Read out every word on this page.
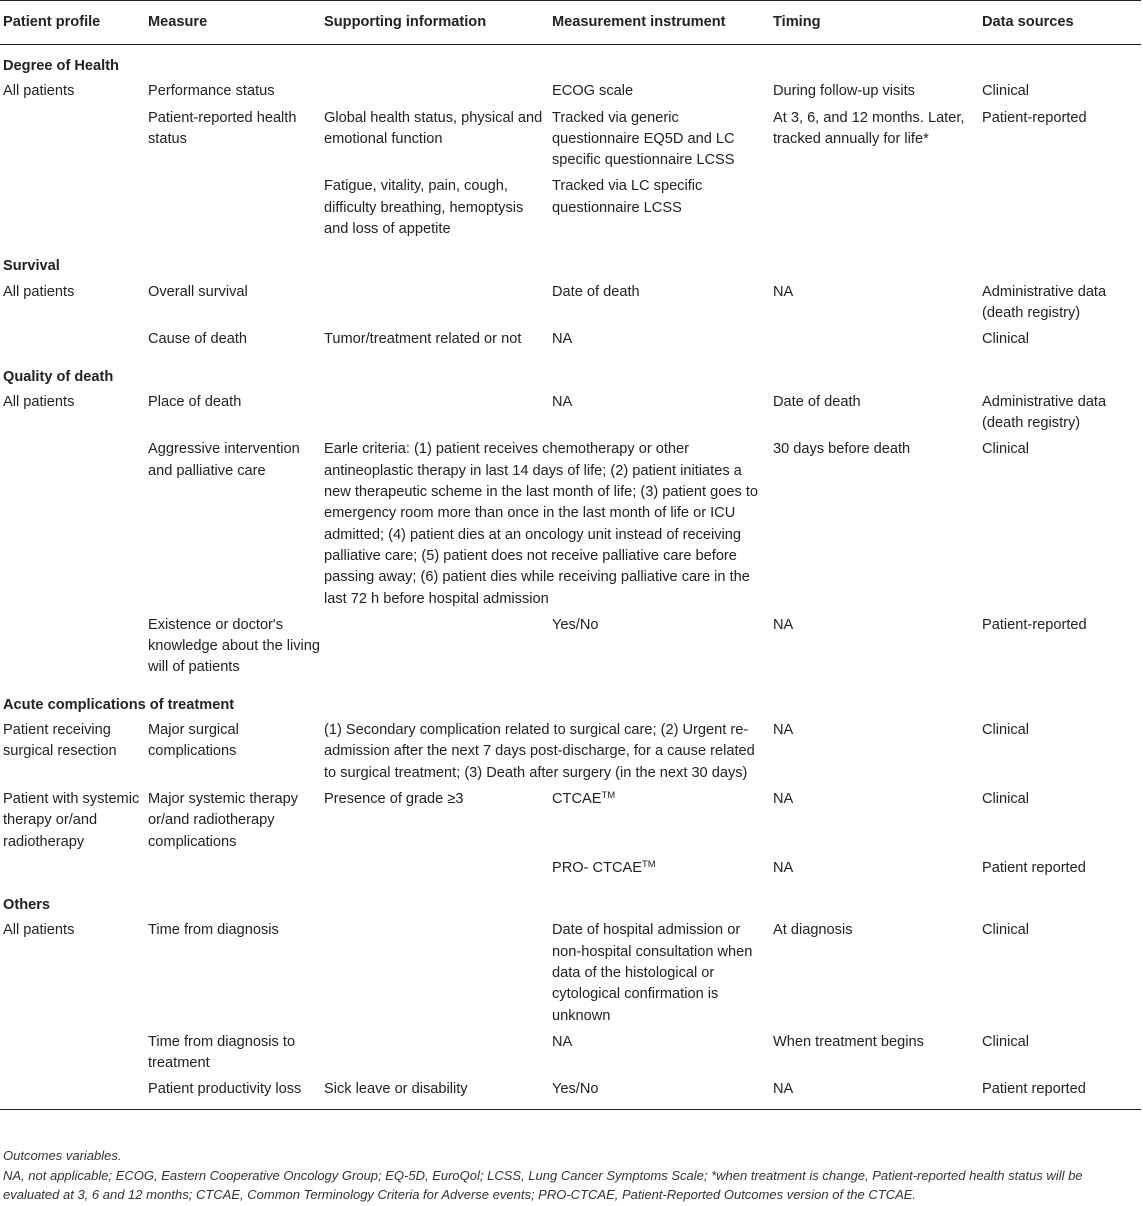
Patient profile	Measure	Supporting information	Measurement instrument	Timing	Data sources
Degree of Health					
All patients	Performance status		ECOG scale	During follow-up visits	Clinical
	Patient-reported health status	Global health status, physical and emotional function	Tracked via generic questionnaire EQ5D and LC specific questionnaire LCSS	At 3, 6, and 12 months. Later, tracked annually for life*	Patient-reported
		Fatigue, vitality, pain, cough, difficulty breathing, hemoptysis and loss of appetite	Tracked via LC specific questionnaire LCSS		
Survival					
All patients	Overall survival		Date of death	NA	Administrative data (death registry)
	Cause of death	Tumor/treatment related or not	NA		Clinical
Quality of death					
All patients	Place of death		NA	Date of death	Administrative data (death registry)
	Aggressive intervention and palliative care	Earle criteria: (1) patient receives chemotherapy or other antineoplastic therapy in last 14 days of life; (2) patient initiates a new therapeutic scheme in the last month of life; (3) patient goes to emergency room more than once in the last month of life or ICU admitted; (4) patient dies at an oncology unit instead of receiving palliative care; (5) patient does not receive palliative care before passing away; (6) patient dies while receiving palliative care in the last 72 h before hospital admission		30 days before death	Clinical
	Existence or doctor's knowledge about the living will of patients		Yes/No	NA	Patient-reported
Acute complications of treatment					
Patient receiving surgical resection	Major surgical complications	(1) Secondary complication related to surgical care; (2) Urgent re-admission after the next 7 days post-discharge, for a cause related to surgical treatment; (3) Death after surgery (in the next 30 days)		NA	Clinical
Patient with systemic therapy or/and radiotherapy	Major systemic therapy or/and radiotherapy complications	Presence of grade ≥3	CTCAE™	NA	Clinical
			PRO- CTCAE™	NA	Patient reported
Others					
All patients	Time from diagnosis		Date of hospital admission or non-hospital consultation when data of the histological or cytological confirmation is unknown	At diagnosis	Clinical
	Time from diagnosis to treatment		NA	When treatment begins	Clinical
	Patient productivity loss	Sick leave or disability	Yes/No	NA	Patient reported

Outcomes variables.

NA, not applicable; ECOG, Eastern Cooperative Oncology Group; EQ-5D, EuroQol; LCSS, Lung Cancer Symptoms Scale; *when treatment is change, Patient-reported health status will be evaluated at 3, 6 and 12 months; CTCAE, Common Terminology Criteria for Adverse events; PRO-CTCAE, Patient-Reported Outcomes version of the CTCAE.
